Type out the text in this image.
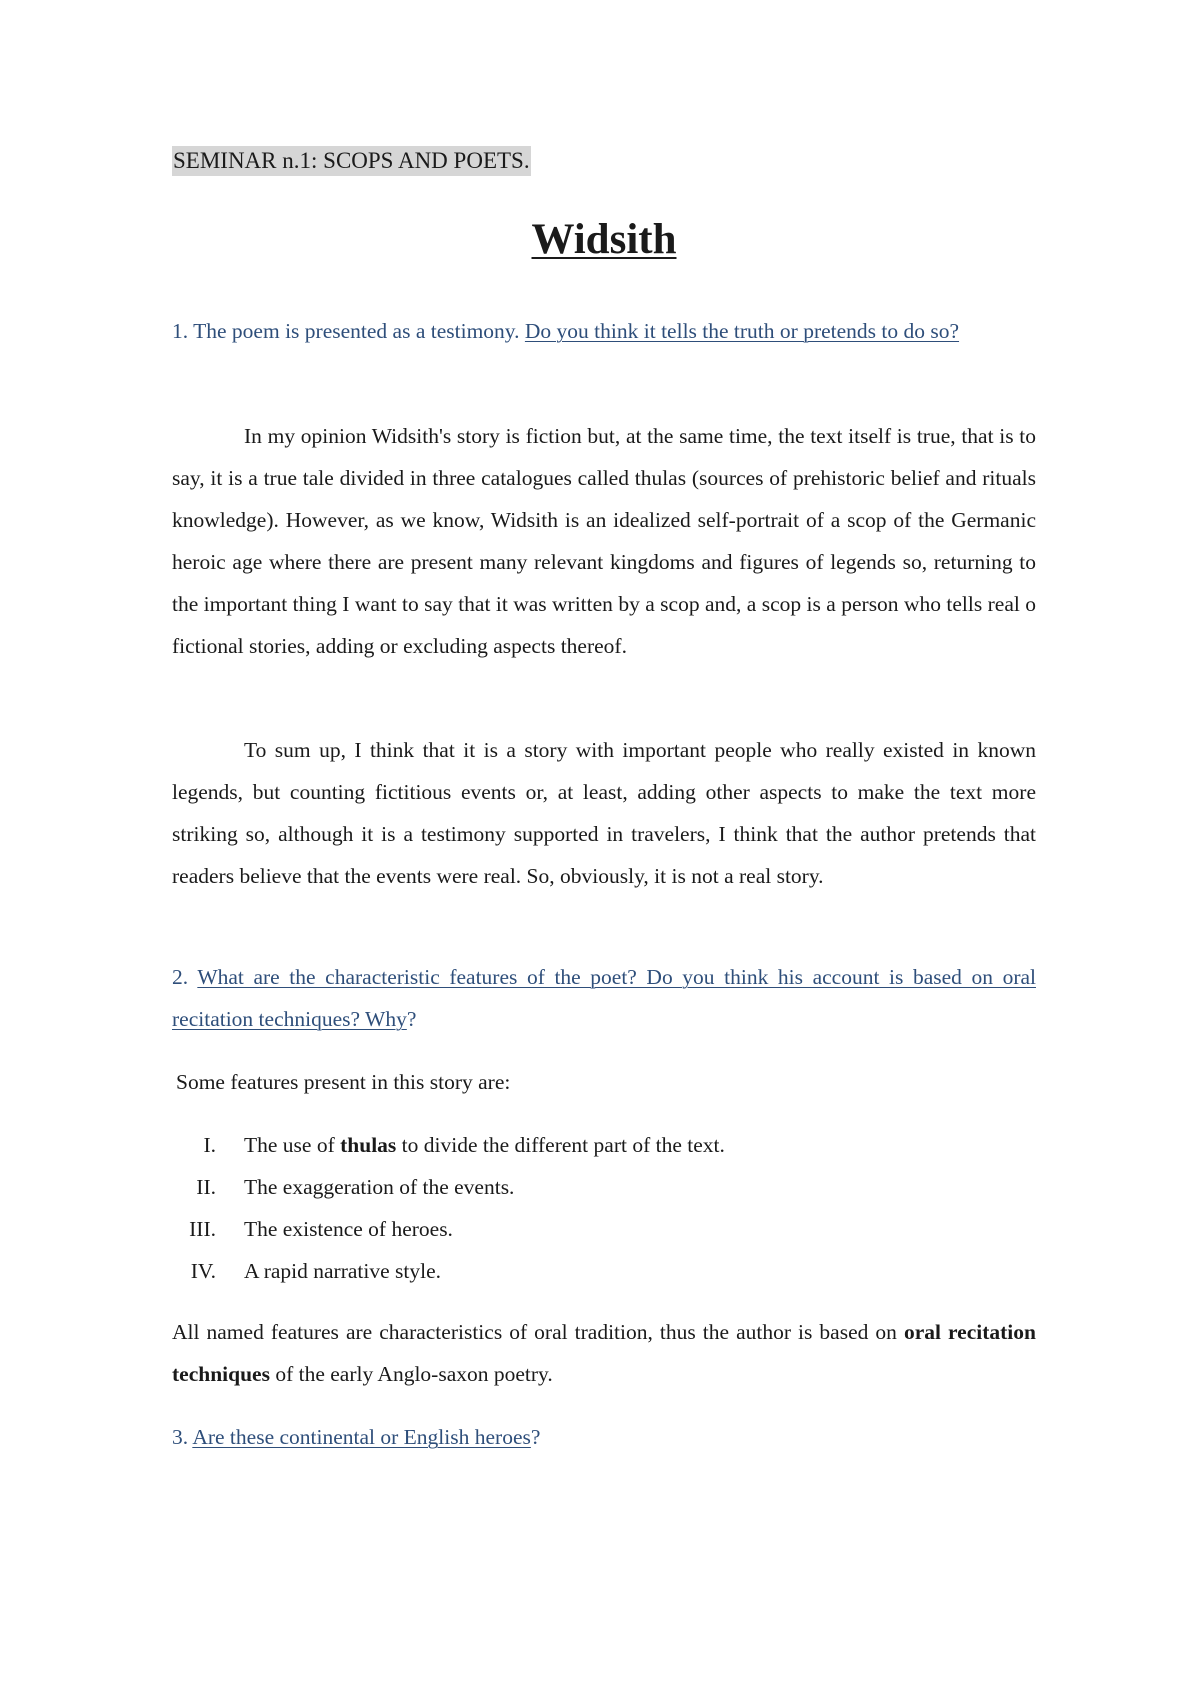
SEMINAR n.1: SCOPS AND POETS.
Widsith
1. The poem is presented as a testimony. Do you think it tells the truth or pretends to do so?
In my opinion Widsith's story is fiction but, at the same time, the text itself is true, that is to say, it is a true tale divided in three catalogues called thulas (sources of prehistoric belief and rituals knowledge). However, as we know, Widsith is an idealized self-portrait of a scop of the Germanic heroic age where there are present many relevant kingdoms and figures of legends so, returning to the important thing I want to say that it was written by a scop and, a scop is a person who tells real o fictional stories, adding or excluding aspects thereof.
To sum up, I think that it is a story with important people who really existed in known legends, but counting fictitious events or, at least, adding other aspects to make the text more striking so, although it is a testimony supported in travelers, I think that the author pretends that readers believe that the events were real. So, obviously, it is not a real story.
2. What are the characteristic features of the poet? Do you think his account is based on oral recitation techniques? Why?
Some features present in this story are:
I. The use of thulas to divide the different part of the text.
II. The exaggeration of the events.
III. The existence of heroes.
IV. A rapid narrative style.
All named features are characteristics of oral tradition, thus the author is based on oral recitation techniques of the early Anglo-saxon poetry.
3. Are these continental or English heroes?
